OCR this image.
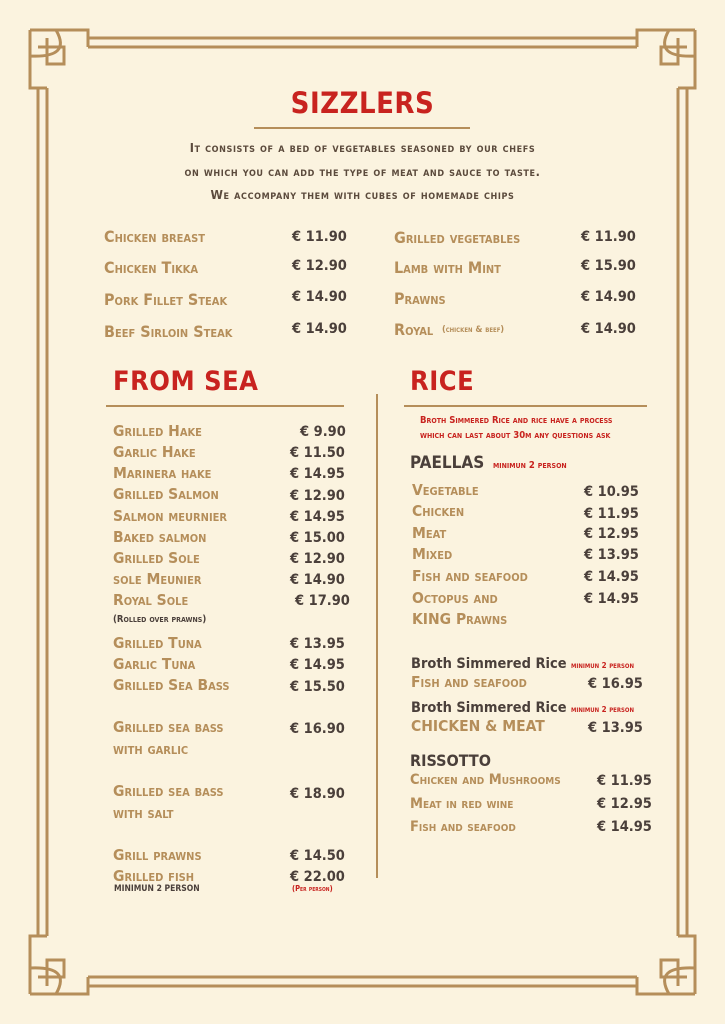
SIZZLERS
It consists of a bed of vegetables seasoned by our chefs
on which you can add the type of meat and sauce to taste.
We accompany them with cubes of homemade chips
Chicken breast	€ 11.90
Chicken Tikka	€ 12.90
Pork Fillet Steak	€ 14.90
Beef Sirloin Steak	€ 14.90
Grilled vegetables	€ 11.90
Lamb with Mint	€ 15.90
Prawns	€ 14.90
Royal (chicken & beef)	€ 14.90
FROM SEA
Grilled Hake	€ 9.90
Garlic Hake	€ 11.50
Marinera hake	€ 14.95
Grilled Salmon	€ 12.90
Salmon meurnier	€ 14.95
Baked salmon	€ 15.00
Grilled Sole	€ 12.90
sole Meunier	€ 14.90
Royal Sole	€ 17.90
(Rolled over prawns)
Grilled Tuna	€ 13.95
Garlic Tuna	€ 14.95
Grilled Sea Bass	€ 15.50
Grilled sea bass
with garlic
€ 16.90
Grilled sea bass
with salt
€ 18.90
Grill prawns	€ 14.50
Grilled fish	€ 22.00
MINIMUN 2 PERSON	(Per person)
RICE
Broth Simmered Rice and rice have a process
which can last about 30m any questions ask
PAELLAS minimun 2 person
Vegetable	€ 10.95
Chicken	€ 11.95
Meat	€ 12.95
Mixed	€ 13.95
Fish and seafood	€ 14.95
Octopus and
KING Prawns
€ 14.95
Broth Simmered Rice minimun 2 person
Fish and seafood	€ 16.95
Broth Simmered Rice minimun 2 person
CHICKEN & MEAT	€ 13.95
RISSOTTO
Chicken and Mushrooms	€ 11.95
Meat in red wine	€ 12.95
Fish and seafood	€ 14.95
